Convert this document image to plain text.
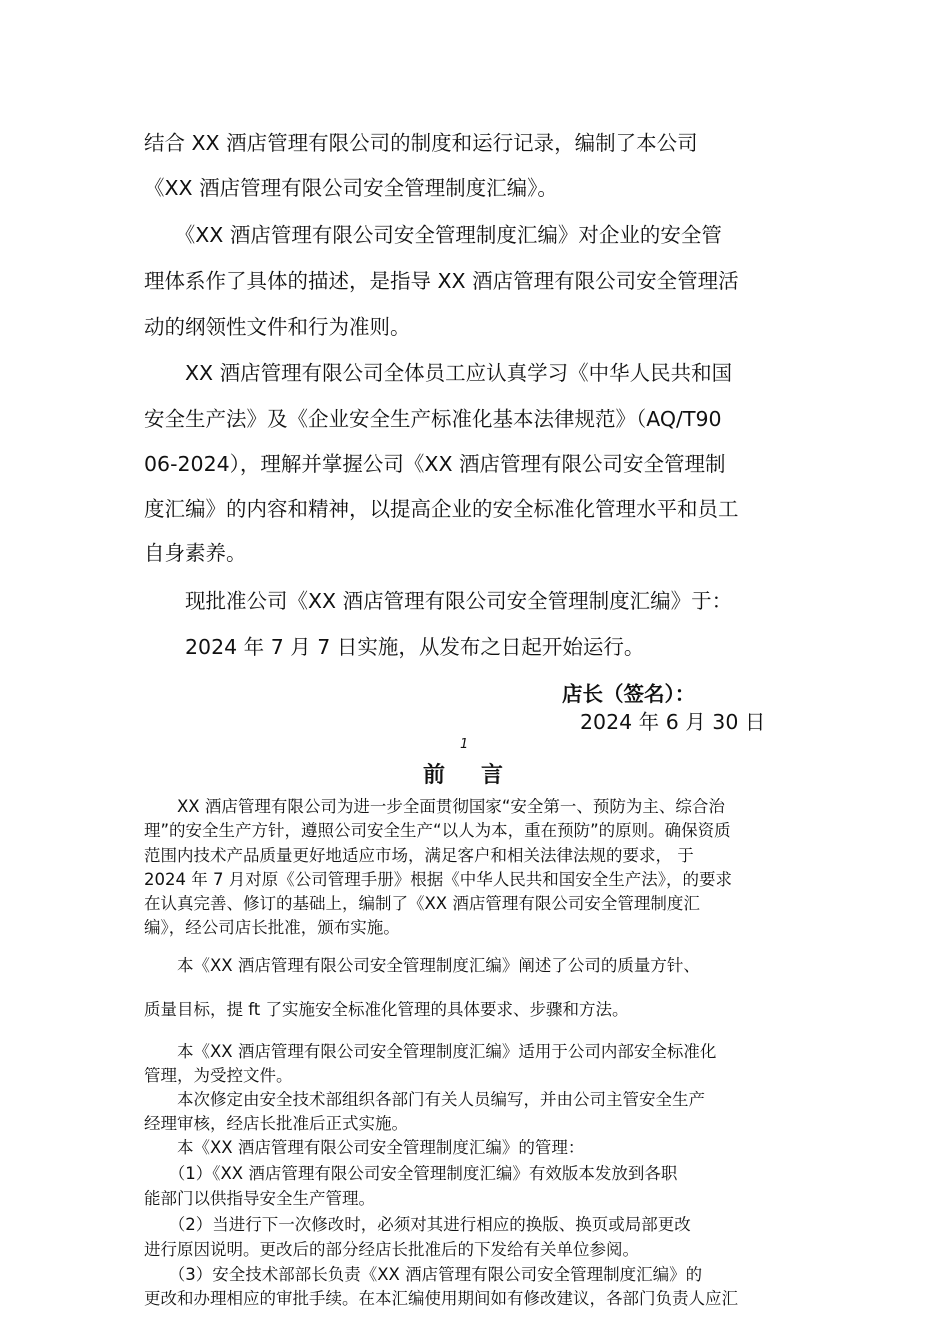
结合 XX 酒店管理有限公司的制度和运行记录，编制了本公司

《XX 酒店管理有限公司安全管理制度汇编》。

　　《XX 酒店管理有限公司安全管理制度汇编》对企业的安全管

理体系作了具体的描述，是指导 XX 酒店管理有限公司安全管理活

动的纲领性文件和行为准则。

　　XX 酒店管理有限公司全体员工应认真学习《中华人民共和国

安全生产法》及《企业安全生产标准化基本法律规范》（AQ/T90

06-2024），理解并掌握公司《XX 酒店管理有限公司安全管理制

度汇编》的内容和精神，以提高企业的安全标准化管理水平和员工

自身素养。

　　现批准公司《XX 酒店管理有限公司安全管理制度汇编》于：

　　2024 年 7 月 7 日实施，从发布之日起开始运行。

店长（签名）：

2024 年 6 月 30 日

1

前言

　　XX 酒店管理有限公司为进一步全面贯彻国家“安全第一、预防为主、综合治

理”的安全生产方针，遵照公司安全生产“以人为本，重在预防”的原则。确保资质

范围内技术产品质量更好地适应市场，满足客户和相关法律法规的要求， 于

2024 年 7 月对原《公司管理手册》根据《中华人民共和国安全生产法》，的要求

在认真完善、修订的基础上，编制了《XX 酒店管理有限公司安全管理制度汇

编》，经公司店长批准，颁布实施。

　　本《XX 酒店管理有限公司安全管理制度汇编》阐述了公司的质量方针、

质量目标，提 ft 了实施安全标准化管理的具体要求、步骤和方法。

　　本《XX 酒店管理有限公司安全管理制度汇编》适用于公司内部安全标准化

管理，为受控文件。

　　本次修定由安全技术部组织各部门有关人员编写，并由公司主管安全生产

经理审核，经店长批准后正式实施。

　　本《XX 酒店管理有限公司安全管理制度汇编》的管理：

　　（1）《XX 酒店管理有限公司安全管理制度汇编》有效版本发放到各职

能部门以供指导安全生产管理。

　　（2）当进行下一次修改时，必须对其进行相应的换版、换页或局部更改

进行原因说明。更改后的部分经店长批准后的下发给有关单位参阅。

　　（3）安全技术部部长负责《XX 酒店管理有限公司安全管理制度汇编》的

更改和办理相应的审批手续。在本汇编使用期间如有修改建议，各部门负责人应汇
